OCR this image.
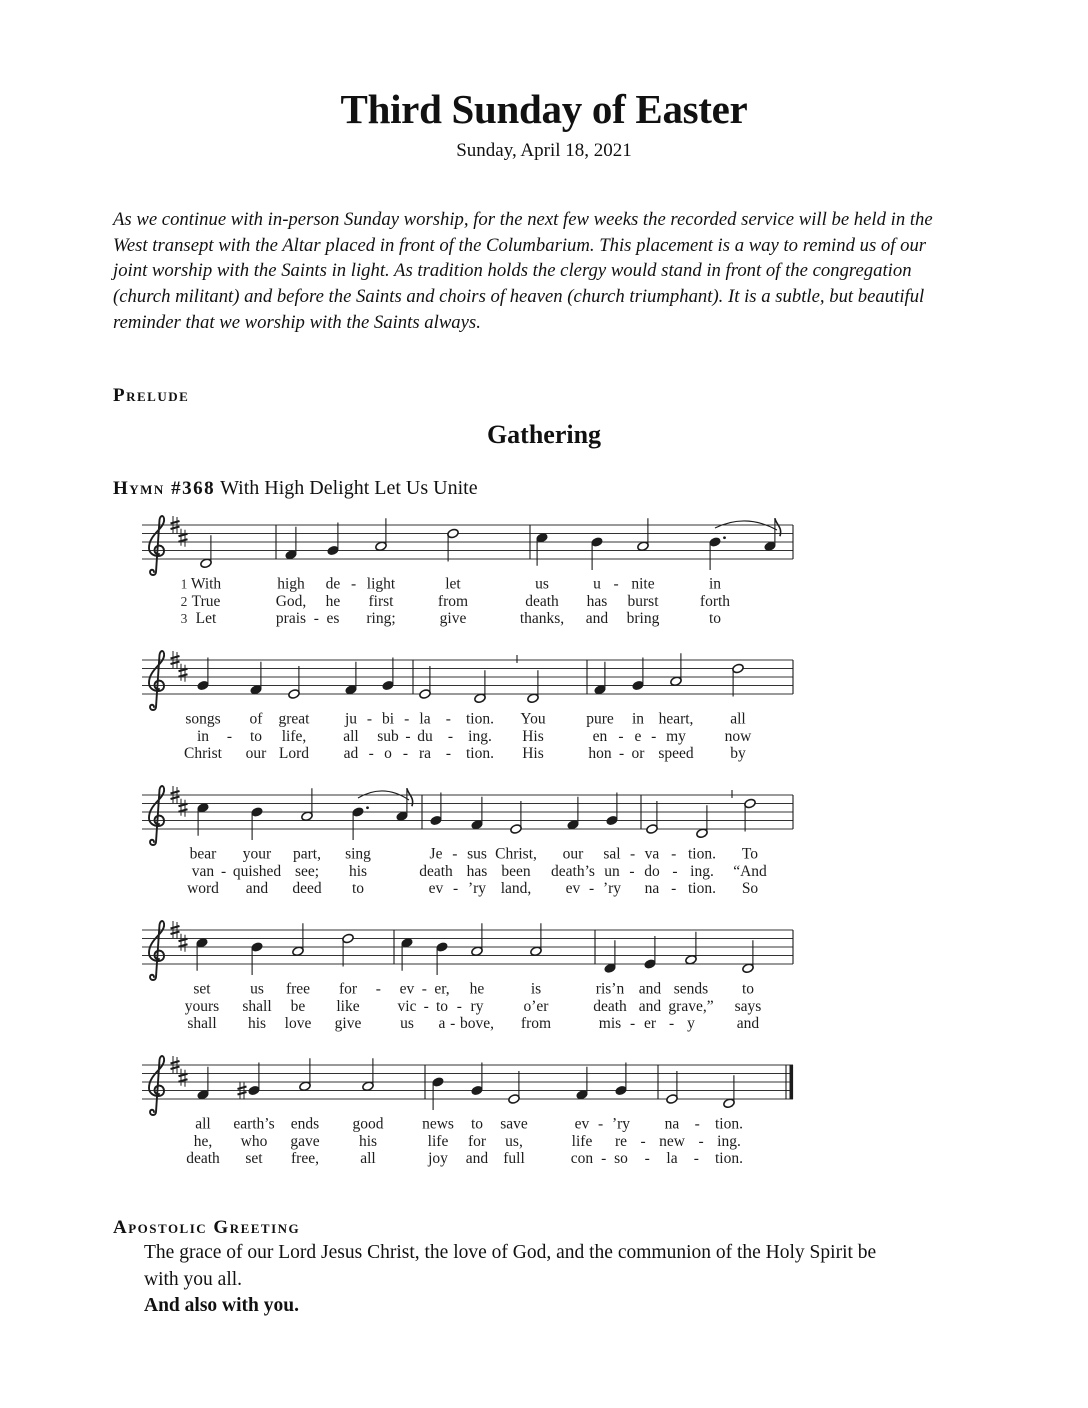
Third Sunday of Easter
Sunday, April 18, 2021
As we continue with in-person Sunday worship, for the next few weeks the recorded service will be held in the
West transept with the Altar placed in front of the Columbarium. This placement is a way to remind us of our
joint worship with the Saints in light. As tradition holds the clergy would stand in front of the congregation
(church militant) and before the Saints and choirs of heaven (church triumphant). It is a subtle, but beautiful
reminder that we worship with the Saints always.
Prelude
Gathering
Hymn #368 With High Delight Let Us Unite
1 With	high de light	let	us	u nite	in
-	-
2 True	God, he first	from	death has burst	forth
3 Let	prais es ring;	give	thanks, and bring	to
-
songs of great ju bi la tion. You	pure in heart, all
- - -
in	to life, all sub du ing. His	en e my now
-	- -	- -
Christ our Lord ad o ra tion. His	hon or speed by
- - -	-
bear your part, sing	Je sus Christ, our sal va tion. To
-	- -
van quished see; his	death has been death’s un do ing. “And
-	- -
word and deed to	ev ’ry land, ev ’ry na tion. So
-	-	-
set	us free for	ev er, he	is	ris’n and sends to
-	-
yours shall be like vic to ry	o’er	death and grave,” says
- -
shall his love give	us a bove, from	mis er y	and
-	- -
all earth’s ends good news to save	ev ’ry na tion.
-	-
he, who gave	his	life for us,	life re new ing.
-	-
death set free,	all	joy and full	con so la tion.
- -	-
Apostolic Greeting
The grace of our Lord Jesus Christ, the love of God, and the communion of the Holy Spirit be
with you all.
And also with you.
